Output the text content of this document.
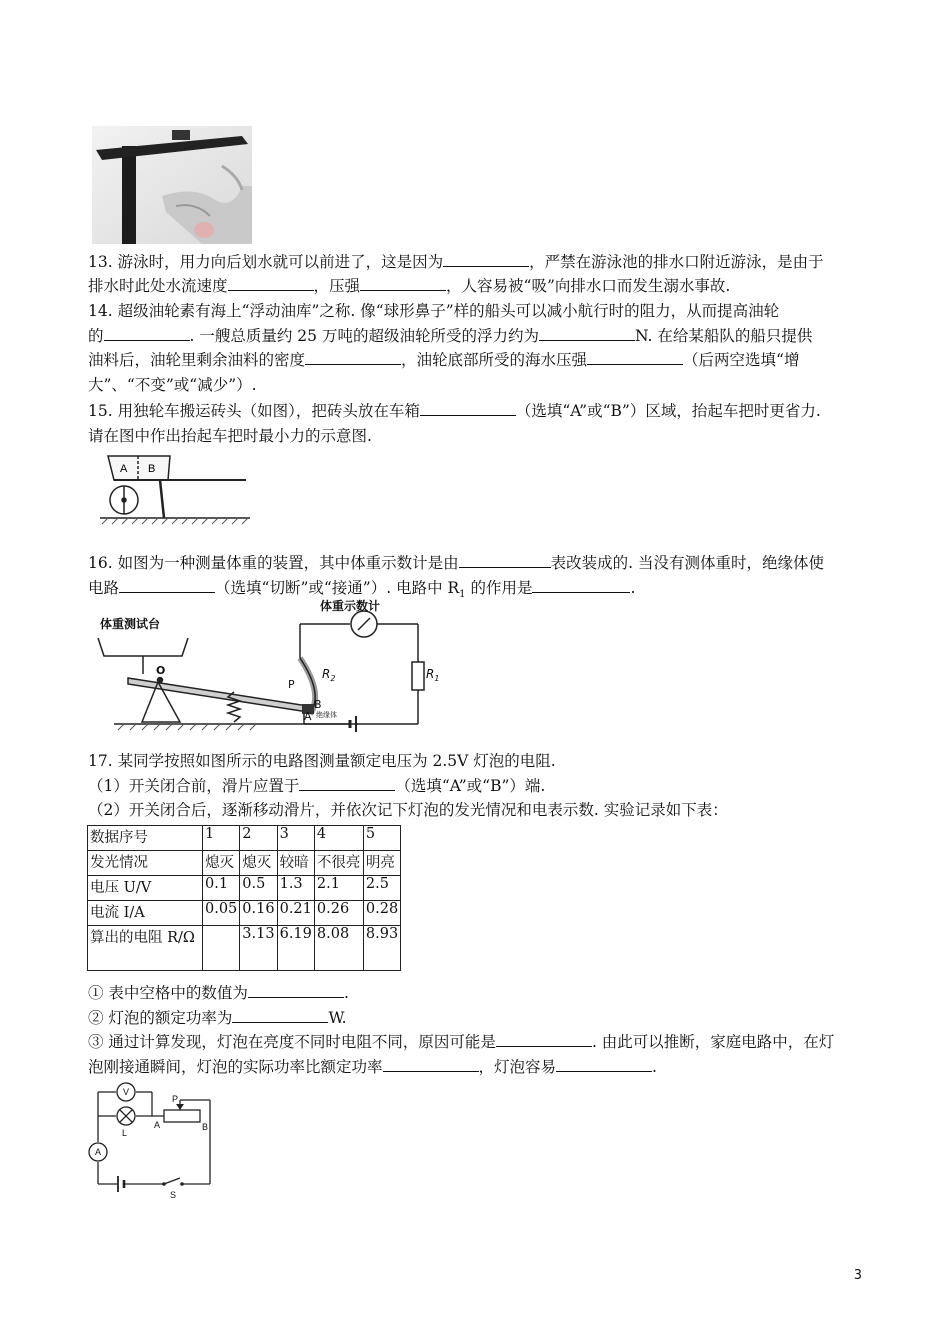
13. 游泳时，用力向后划水就可以前进了，这是因为	，严禁在游泳池的排水口附近游泳，是由于
排水时此处水流速度	，压强	，人容易被“吸”向排水口而发生溺水事故.
14. 超级油轮素有海上“浮动油库”之称. 像“球形鼻子”样的船头可以减小航行时的阻力，从而提高油轮
的	. 一艘总质量约 25 万吨的超级油轮所受的浮力约为	N. 在给某船队的船只提供
油料后，油轮里剩余油料的密度	，油轮底部所受的海水压强	（后两空选填“增
大”、“不变”或“减少”）.
15. 用独轮车搬运砖头（如图），把砖头放在车箱	（选填“A”或“B”）区域，抬起车把时更省力.
请在图中作出抬起车把时最小力的示意图.
A B
16. 如图为一种测量体重的装置，其中体重示数计是由	表改装成的. 当没有测体重时，绝缘体使
电路	（选填“切断”或“接通”）. 电路中 $R_1$ 的作用是	.
体重测试台
体重示数计
O
P
A
B
$R_2$	$R_1$
绝缘体
17. 某同学按照如图所示的电路图测量额定电压为 2.5V 灯泡的电阻.
（1）开关闭合前，滑片应置于	（选填“A”或“B”）端.
（2）开关闭合后，逐渐移动滑片，并依次记下灯泡的发光情况和电表示数. 实验记录如下表：
数据序号	1	2	3	4	5
发光情况	熄灭	熄灭	较暗	不很亮	明亮
电压 U/V	0.1	0.5	1.3	2.1	2.5
电流 I/A	0.05	0.16	0.21	0.26	0.28
算出的电阻 R/Ω		3.13	6.19	8.08	8.93
① 表中空格中的数值为	.
② 灯泡的额定功率为	W.
③ 通过计算发现，灯泡在亮度不同时电阻不同，原因可能是	. 由此可以推断，家庭电路中，在灯
泡刚接通瞬间，灯泡的实际功率比额定功率	，灯泡容易	.
V
A
L
A
P
B
S
3
